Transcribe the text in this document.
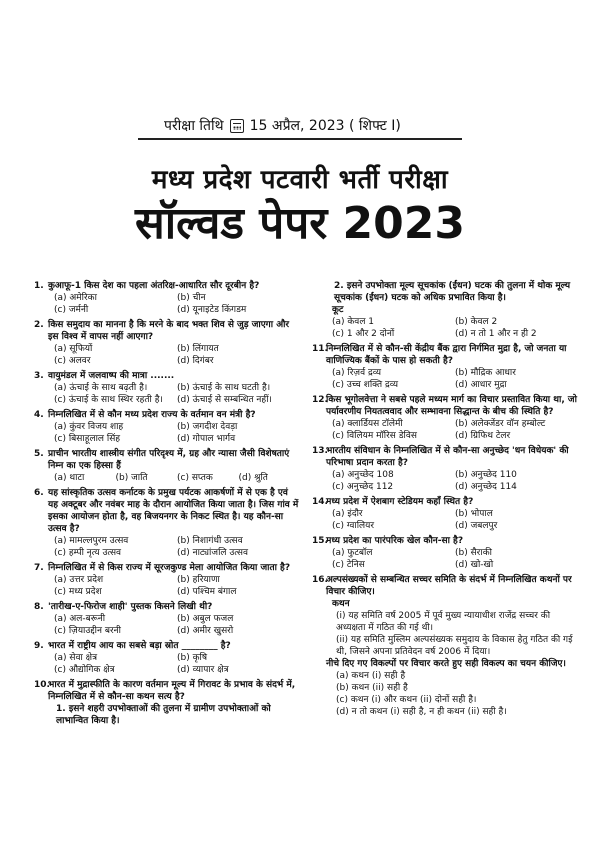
परीक्षा तिथि 15 अप्रैल, 2023 ( शिफ्ट I)
मध्य प्रदेश पटवारी भर्ती परीक्षा
सॉल्वड पेपर 2023
1. कुआफू-1 किस देश का पहला अंतरिक्ष-आधारित सौर दूरबीन है?
(a) अमेरिका	(b) चीन
(c) जर्मनी	(d) यूनाइटेड किंगडम
2. किस समुदाय का मानना है कि मरने के बाद भक्त शिव से जुड़ जाएगा और इस विश्व में वापस नहीं आएगा?
(a) सूफियों	(b) लिंगायत
(c) अलवर	(d) दिगंबर
3. वायुमंडल में जलवाष्प की मात्रा .......
(a) ऊंचाई के साथ बढ़ती है।	(b) ऊंचाई के साथ घटती है।
(c) ऊंचाई के साथ स्थिर रहती है।	(d) ऊंचाई से सम्बन्धित नहीं।
4. निम्नलिखित में से कौन मध्य प्रदेश राज्य के वर्तमान वन मंत्री है?
(a) कुंवर विजय शाह	(b) जगदीश देवड़ा
(c) बिसाहूलाल सिंह	(d) गोपाल भार्गव
5. प्राचीन भारतीय शास्त्रीय संगीत परिदृश्य में, ग्रह और न्यासा जैसी विशेषताएं निम्न का एक हिस्सा हैं
(a) थाटा	(b) जाति	(c) सप्तक	(d) श्रुति
6. यह सांस्कृतिक उत्सव कर्नाटक के प्रमुख पर्यटक आकर्षणों में से एक है एवं यह अक्टूबर और नवंबर माह के दौरान आयोजित किया जाता है। जिस गांव में इसका आयोजन होता है, वह बिजयनगर के निकट स्थित है। यह कौन-सा उत्सव है?
(a) मामल्लपुरम उत्सव	(b) निशागंधी उत्सव
(c) हम्पी नृत्य उत्सव	(d) नाट्यांजलि उत्सव
7. निम्नलिखित में से किस राज्य में सूरजकुण्ड मेला आयोजित किया जाता है?
(a) उत्तर प्रदेश	(b) हरियाणा
(c) मध्य प्रदेश	(d) पश्चिम बंगाल
8. 'तारीख-ए-फिरोज शाही' पुस्तक किसने लिखी थी?
(a) अल-बरूनी	(b) अबुल फजल
(c) ज़ियाउद्दीन बरनी	(d) अमीर खुसरो
9. भारत में राष्ट्रीय आय का सबसे बड़ा स्रोत ________ है?
(a) सेवा क्षेत्र	(b) कृषि
(c) औद्योगिक क्षेत्र	(d) व्यापार क्षेत्र
10.
भारत में मुद्रास्फीति के कारण वर्तमान मूल्य में गिरावट के प्रभाव के संदर्भ में, निम्नलिखित में से कौन-सा कथन सत्य है?
1. इसने शहरी उपभोक्ताओं की तुलना में ग्रामीण उपभोक्ताओं को लाभान्वित किया है।
2. इसने उपभोक्ता मूल्य सूचकांक (ईंधन) घटक की तुलना में थोक मूल्य सूचकांक (ईंधन) घटक को अधिक प्रभावित किया है।
कूट
(a) केवल 1	(b) केवल 2
(c) 1 और 2 दोनों	(d) न तो 1 और न ही 2
11.
निम्नलिखित में से कौन-सी केंद्रीय बैंक द्वारा निर्गमित मुद्रा है, जो जनता या वाणिज्यिक बैंकों के पास हो सकती है?
(a) रिज़र्व द्रव्य	(b) मौद्रिक आधार
(c) उच्च शक्ति द्रव्य	(d) आधार मुद्रा
12.
किस भूगोलवेत्ता ने सबसे पहले मध्यम मार्ग का विचार प्रस्तावित किया था, जो पर्यावरणीय नियतत्ववाद और सम्भावना सिद्धान्त के बीच की स्थिति है?
(a) क्लार्डियस टॉलेमी	(b) अलेक्जेंडर वॉन हम्बोल्ट
(c) विलियम मॉरिस डेविस	(d) ग्रिफिथ टेलर
13.
भारतीय संविधान के निम्नलिखित में से कौन-सा अनुच्छेद 'धन विधेयक' की परिभाषा प्रदान करता है?
(a) अनुच्छेद 108	(b) अनुच्छेद 110
(c) अनुच्छेद 112	(d) अनुच्छेद 114
14.
मध्य प्रदेश में ऐशबाग स्टेडियम कहाँ स्थित है?
(a) इंदौर	(b) भोपाल
(c) ग्वालियर	(d) जबलपुर
15.
मध्य प्रदेश का पारंपरिक खेल कौन-सा है?
(a) फुटबॉल	(b) सैराकी
(c) टेनिस	(d) खो-खो
16.
अल्पसंख्यकों से सम्बन्धित सच्चर समिति के संदर्भ में निम्नलिखित कथनों पर विचार कीजिए।
कथन
(i) यह समिति वर्ष 2005 में पूर्व मुख्य न्यायाधीश राजेंद्र सच्चर की अध्यक्षता में गठित की गई थी।
(ii) यह समिति मुस्लिम अल्पसंख्यक समुदाय के विकास हेतु गठित की गई थी, जिसने अपना प्रतिवेदन वर्ष 2006 में दिया।
नीचे दिए गए विकल्पों पर विचार करते हुए सही विकल्प का चयन कीजिए।
(a) कथन (i) सही है
(b) कथन (ii) सही है
(c) कथन (i) और कथन (ii) दोनों सही है।
(d) न तो कथन (i) सही है, न ही कथन (ii) सही है।
